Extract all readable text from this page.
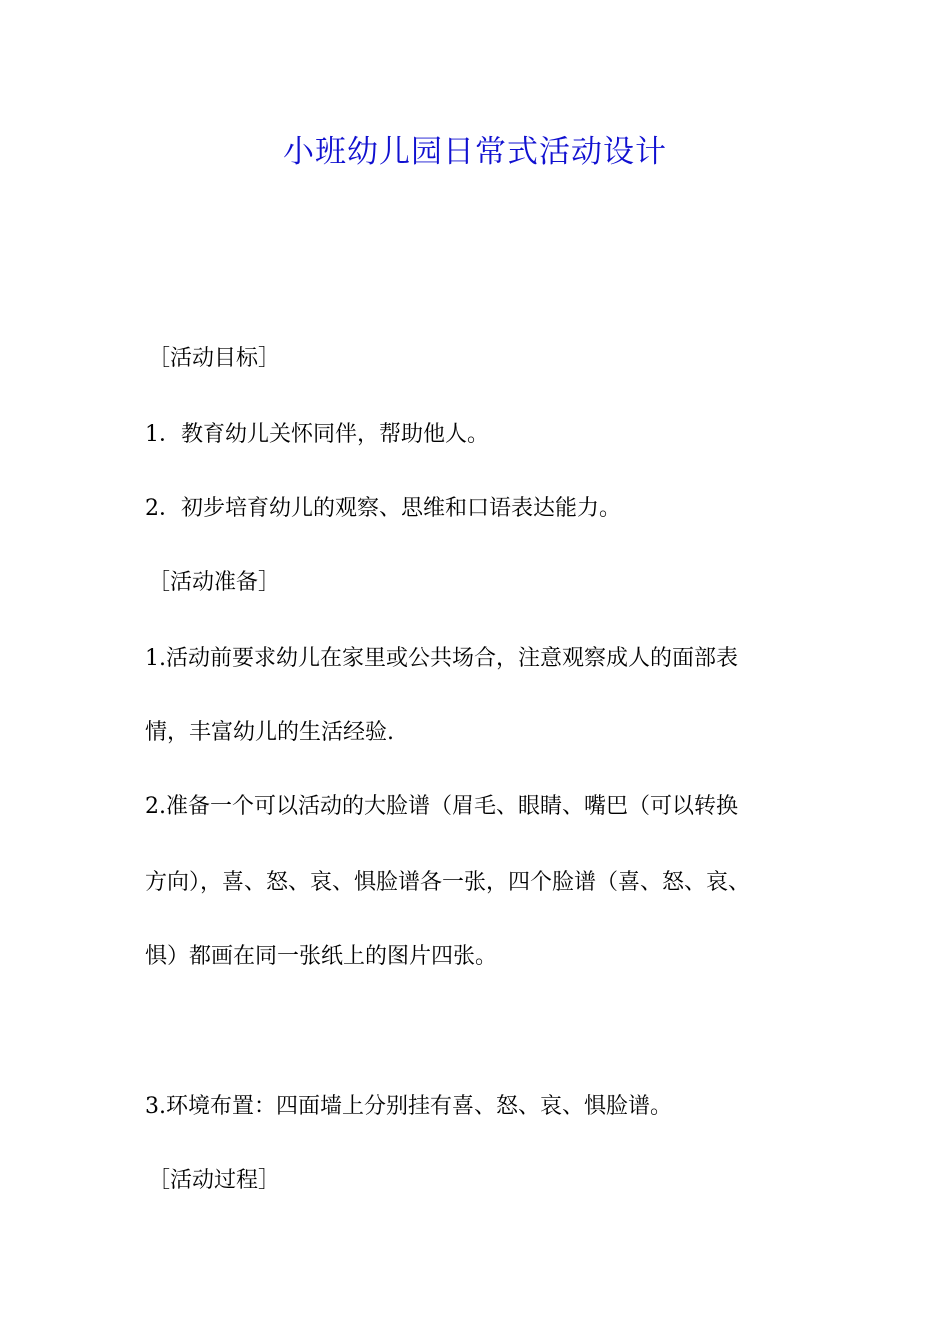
小班幼儿园日常式活动设计

［活动目标］

1．教育幼儿关怀同伴，帮助他人。

2．初步培育幼儿的观察、思维和口语表达能力。

［活动准备］

1.活动前要求幼儿在家里或公共场合，注意观察成人的面部表

情，丰富幼儿的生活经验.

2.准备一个可以活动的大脸谱（眉毛、眼睛、嘴巴（可以转换

方向），喜、怒、哀、惧脸谱各一张，四个脸谱（喜、怒、哀、

惧）都画在同一张纸上的图片四张。

3.环境布置：四面墙上分别挂有喜、怒、哀、惧脸谱。

［活动过程］
